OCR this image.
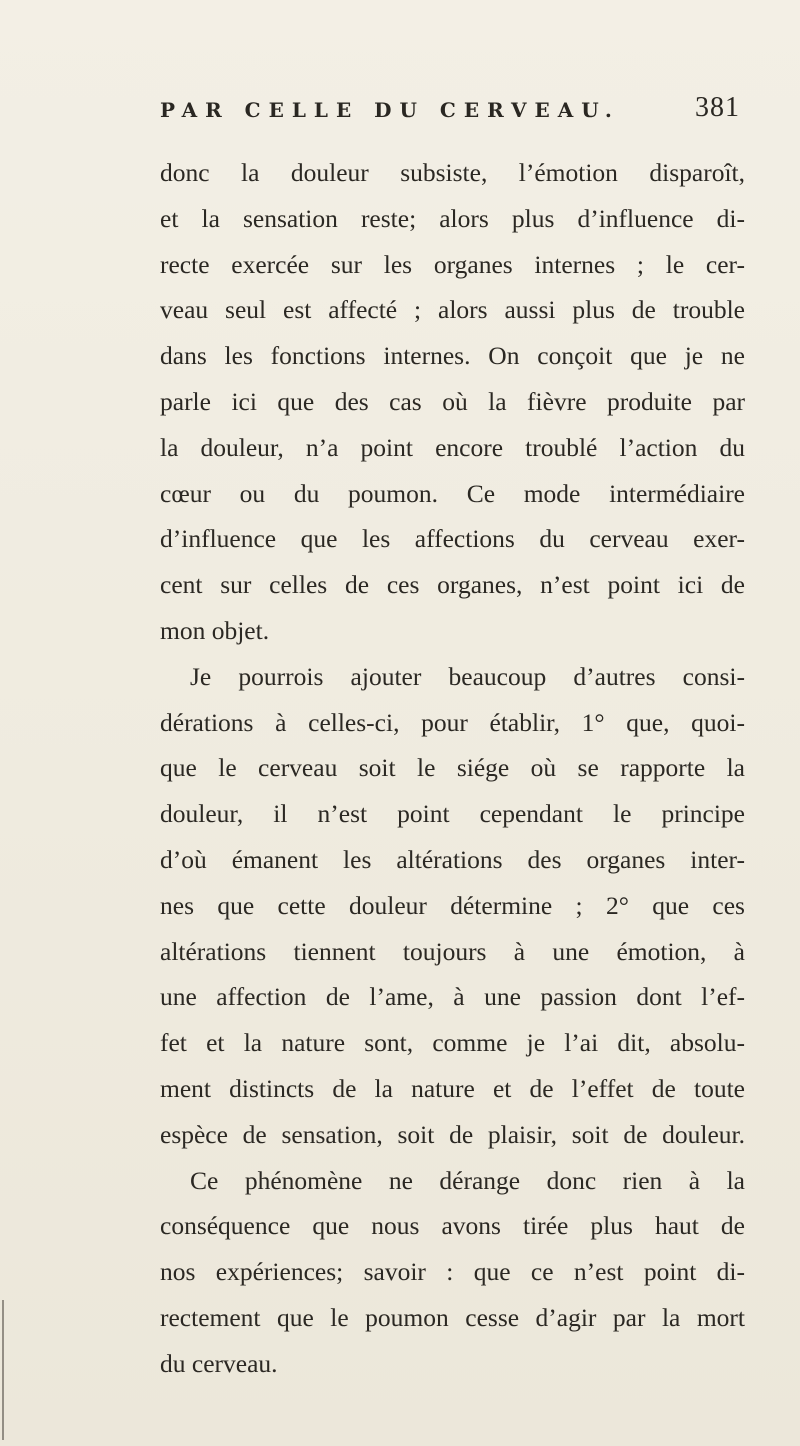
PAR CELLE DU CERVEAU.	381
donc la douleur subsiste, l’émotion disparoît,
et la sensation reste; alors plus d’influence di-
recte exercée sur les organes internes ; le cer-
veau seul est affecté ; alors aussi plus de trouble
dans les fonctions internes. On conçoit que je ne
parle ici que des cas où la fièvre produite par
la douleur, n’a point encore troublé l’action du
cœur ou du poumon. Ce mode intermédiaire
d’influence que les affections du cerveau exer-
cent sur celles de ces organes, n’est point ici de
mon objet.
Je pourrois ajouter beaucoup d’autres consi-
dérations à celles-ci, pour établir, 1° que, quoi-
que le cerveau soit le siége où se rapporte la
douleur, il n’est point cependant le principe
d’où émanent les altérations des organes inter-
nes que cette douleur détermine ; 2° que ces
altérations tiennent toujours à une émotion, à
une affection de l’ame, à une passion dont l’ef-
fet et la nature sont, comme je l’ai dit, absolu-
ment distincts de la nature et de l’effet de toute
espèce de sensation, soit de plaisir, soit de douleur.
Ce phénomène ne dérange donc rien à la
conséquence que nous avons tirée plus haut de
nos expériences; savoir : que ce n’est point di-
rectement que le poumon cesse d’agir par la mort
du cerveau.
